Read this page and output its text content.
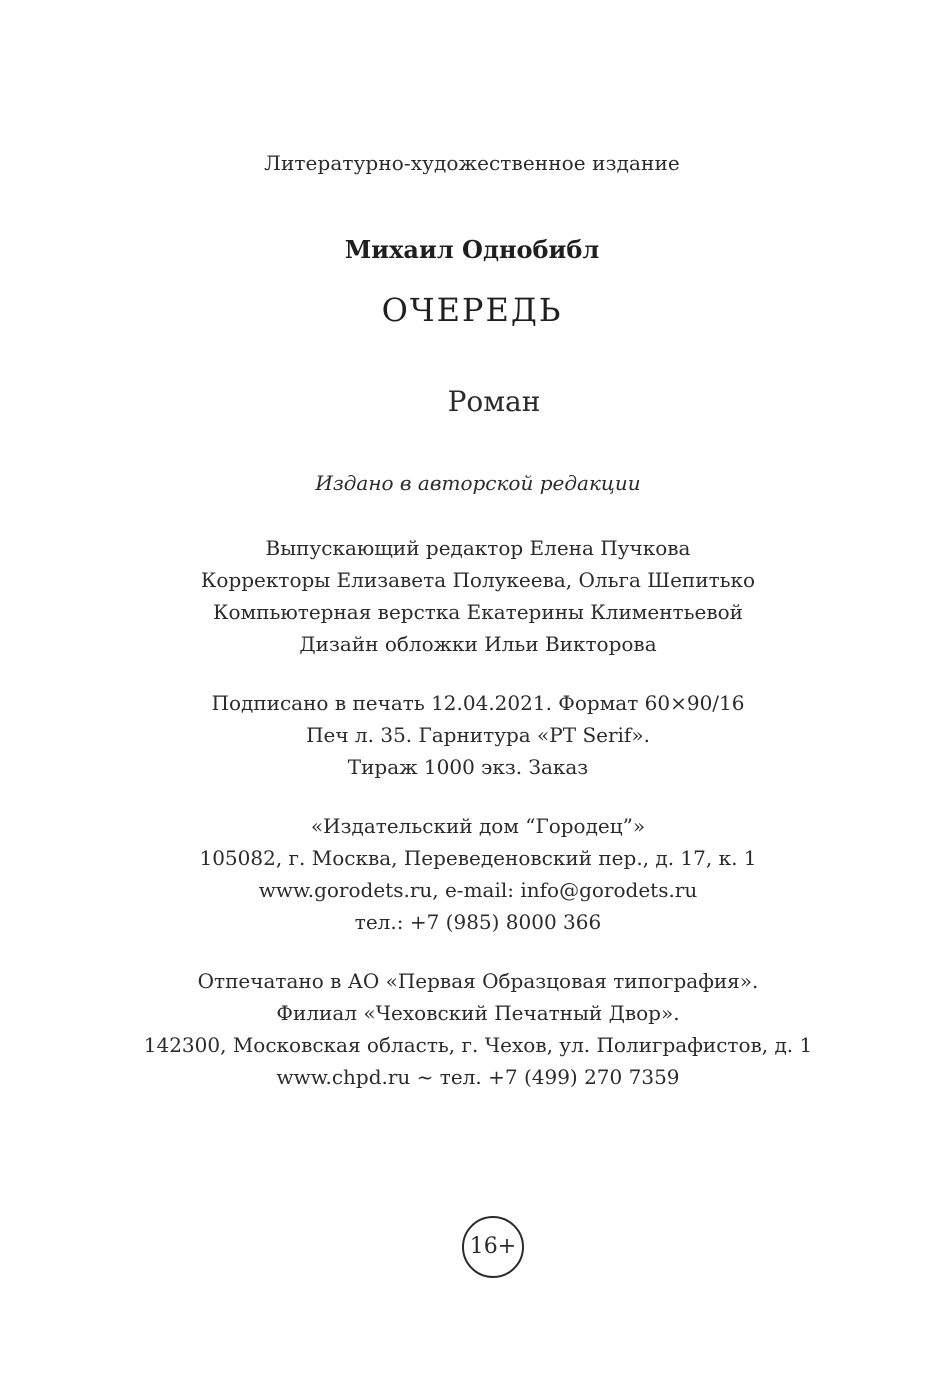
Литературно-художественное издание
Михаил Однобибл
ОЧЕРЕДЬ
Роман
Издано в авторской редакции
Выпускающий редактор Елена Пучкова
Корректоры Елизавета Полукеева, Ольга Шепитько
Компьютерная верстка Екатерины Климентьевой
Дизайн обложки Ильи Викторова
Подписано в печать 12.04.2021. Формат 60×90/16
Печ л. 35. Гарнитура «PT Serif».
Тираж 1000 экз. Заказ
«Издательский дом “Городец”»
105082, г. Москва, Переведеновский пер., д. 17, к. 1
www.gorodets.ru, e-mail: info@gorodets.ru
тел.: +7 (985) 8000 366
Отпечатано в АО «Первая Образцовая типография».
Филиал «Чеховский Печатный Двор».
142300, Московская область, г. Чехов, ул. Полиграфистов, д. 1
www.chpd.ru ~ тел. +7 (499) 270 7359
16+
